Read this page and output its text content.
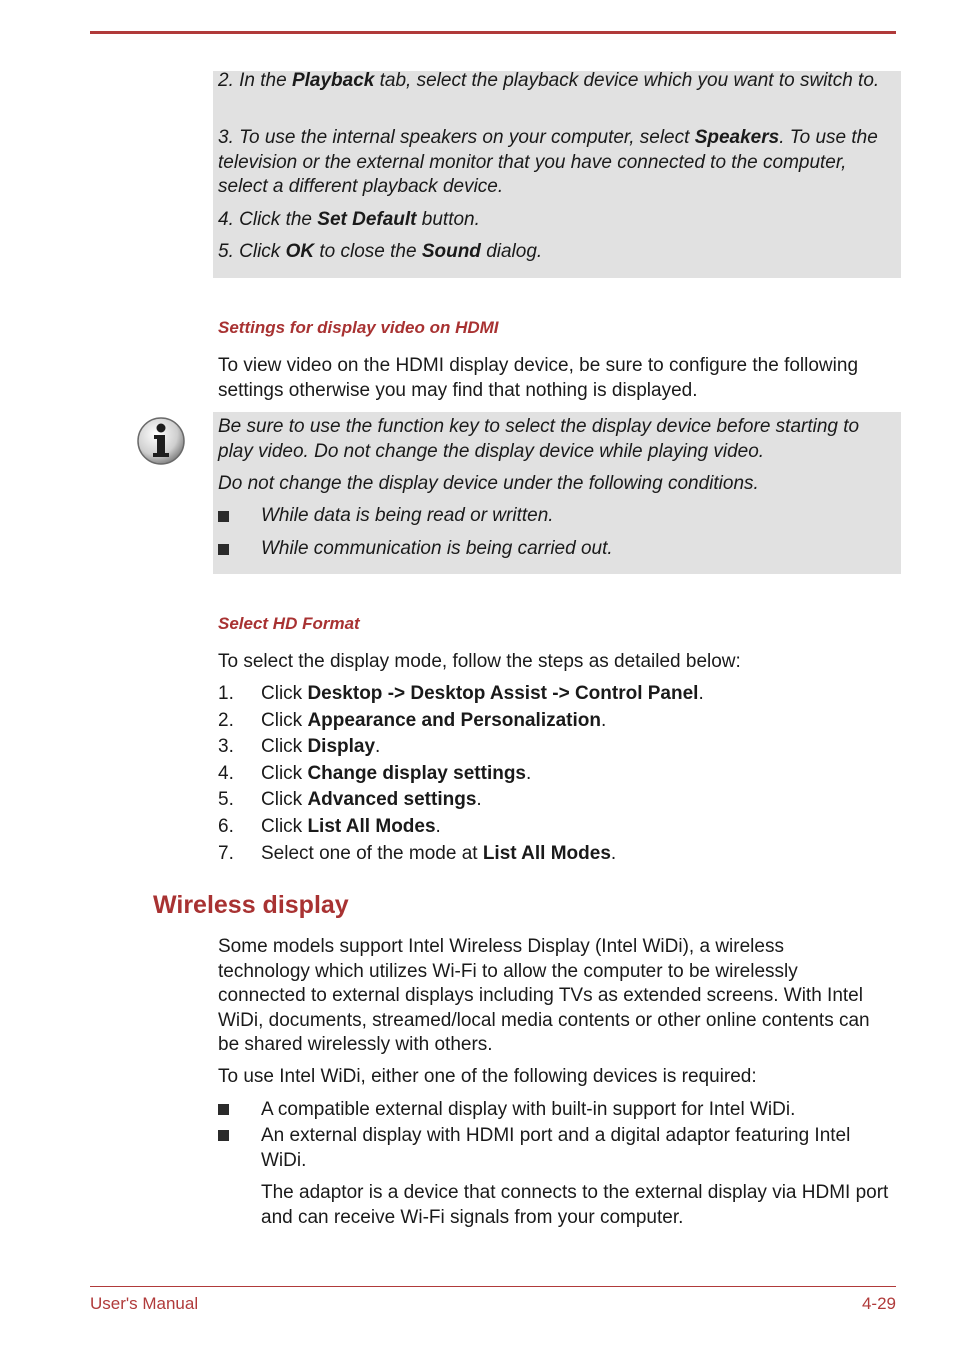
2. In the Playback tab, select the playback device which you want to switch to.

3. To use the internal speakers on your computer, select Speakers. To use the television or the external monitor that you have connected to the computer, select a different playback device.

4. Click the Set Default button.

5. Click OK to close the Sound dialog.

Settings for display video on HDMI

To view video on the HDMI display device, be sure to configure the following settings otherwise you may find that nothing is displayed.

Be sure to use the function key to select the display device before starting to play video. Do not change the display device while playing video.

Do not change the display device under the following conditions.

While data is being read or written.
While communication is being carried out.
Select HD Format

To select the display mode, follow the steps as detailed below:

1.	Click Desktop -> Desktop Assist -> Control Panel.
2.	Click Appearance and Personalization.
3.	Click Display.
4.	Click Change display settings.
5.	Click Advanced settings.
6.	Click List All Modes.
7.	Select one of the mode at List All Modes.
Wireless display

Some models support Intel Wireless Display (Intel WiDi), a wireless technology which utilizes Wi-Fi to allow the computer to be wirelessly connected to external displays including TVs as extended screens. With Intel WiDi, documents, streamed/local media contents or other online contents can be shared wirelessly with others.

To use Intel WiDi, either one of the following devices is required:

A compatible external display with built-in support for Intel WiDi.

An external display with HDMI port and a digital adaptor featuring Intel WiDi.

The adaptor is a device that connects to the external display via HDMI port and can receive Wi-Fi signals from your computer.

User's Manual	4-29
